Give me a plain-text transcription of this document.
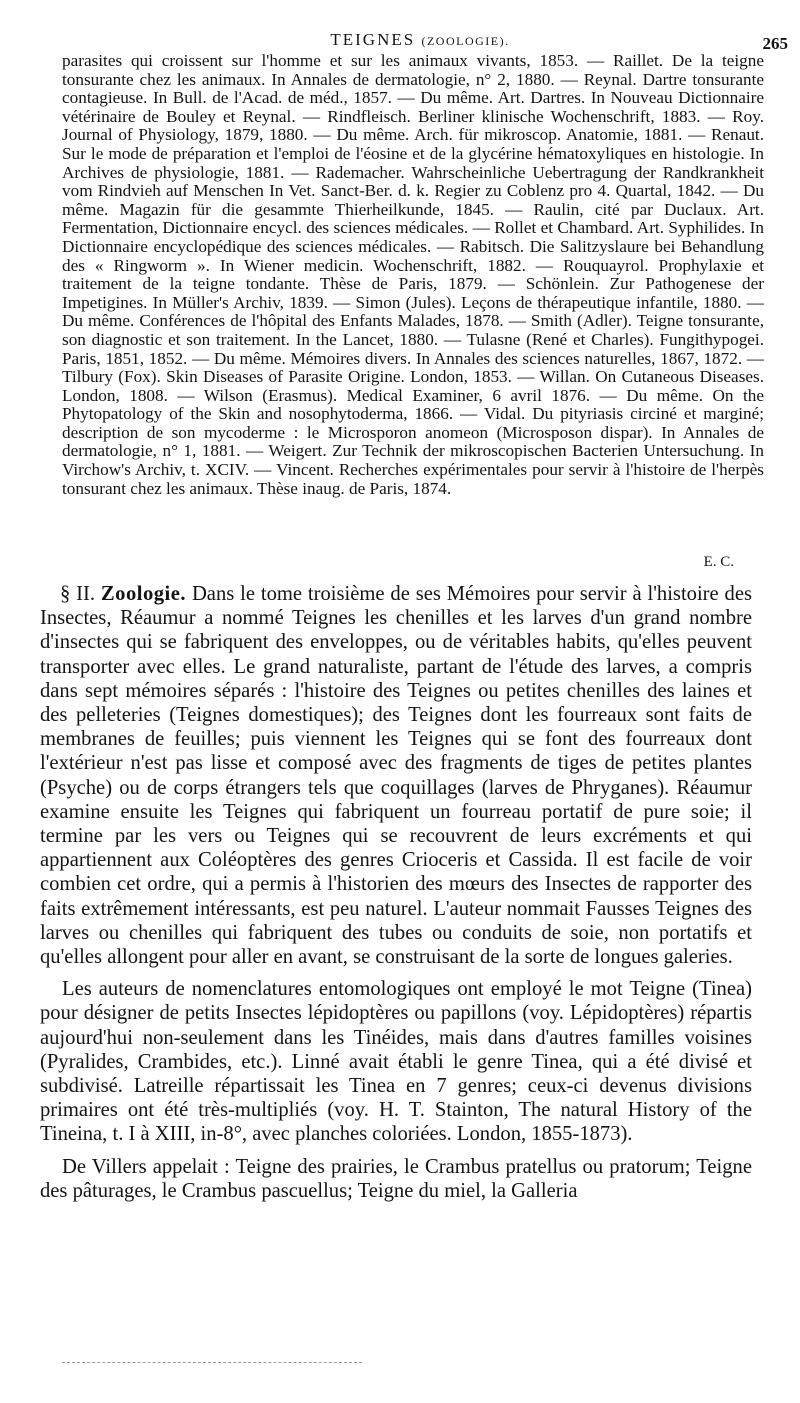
TEIGNES (ZOOLOGIE).	265

parasites qui croissent sur l'homme et sur les animaux vivants, 1853. — Raillet. De la teigne tonsurante chez les animaux. In Annales de dermatologie, n° 2, 1880. — Reynal. Dartre tonsurante contagieuse. In Bull. de l'Acad. de méd., 1857. — Du même. Art. Dartres. In Nouveau Dictionnaire vétérinaire de Bouley et Reynal. — Rindfleisch. Berliner klinische Wochenschrift, 1883. — Roy. Journal of Physiology, 1879, 1880. — Du même. Arch. für mikroscop. Anatomie, 1881. — Renaut. Sur le mode de préparation et l'emploi de l'éosine et de la glycérine hématoxyliques en histologie. In Archives de physiologie, 1881. — Rademacher. Wahrscheinliche Uebertragung der Randkrankheit vom Rindvieh auf Menschen In Vet. Sanct-Ber. d. k. Regier zu Coblenz pro 4. Quartal, 1842. — Du même. Magazin für die gesammte Thierheilkunde, 1845. — Raulin, cité par Duclaux. Art. Fermentation, Dictionnaire encycl. des sciences médicales. — Rollet et Chambard. Art. Syphilides. In Dictionnaire encyclopédique des sciences médicales. — Rabitsch. Die Salitzyslaure bei Behandlung des « Ringworm ». In Wiener medicin. Wochenschrift, 1882. — Rouquayrol. Prophylaxie et traitement de la teigne tondante. Thèse de Paris, 1879. — Schönlein. Zur Pathogenese der Impetigines. In Müller's Archiv, 1839. — Simon (Jules). Leçons de thérapeutique infantile, 1880. — Du même. Conférences de l'hôpital des Enfants Malades, 1878. — Smith (Adler). Teigne tonsurante, son diagnostic et son traitement. In the Lancet, 1880. — Tulasne (René et Charles). Fungithypogei. Paris, 1851, 1852. — Du même. Mémoires divers. In Annales des sciences naturelles, 1867, 1872. — Tilbury (Fox). Skin Diseases of Parasite Origine. London, 1853. — Willan. On Cutaneous Diseases. London, 1808. — Wilson (Erasmus). Medical Examiner, 6 avril 1876. — Du même. On the Phytopatology of the Skin and nosophytoderma, 1866. — Vidal. Du pityriasis circiné et marginé; description de son mycoderme : le Microsporon anomeon (Microsposon dispar). In Annales de dermatologie, n° 1, 1881. — Weigert. Zur Technik der mikroscopischen Bacterien Untersuchung. In Virchow's Archiv, t. XCIV. — Vincent. Recherches expérimentales pour servir à l'histoire de l'herpès tonsurant chez les animaux. Thèse inaug. de Paris, 1874.

E. C.

§ II. Zoologie. Dans le tome troisième de ses Mémoires pour servir à l'histoire des Insectes, Réaumur a nommé Teignes les chenilles et les larves d'un grand nombre d'insectes qui se fabriquent des enveloppes, ou de véritables habits, qu'elles peuvent transporter avec elles. Le grand naturaliste, partant de l'étude des larves, a compris dans sept mémoires séparés : l'histoire des Teignes ou petites chenilles des laines et des pelleteries (Teignes domestiques); des Teignes dont les fourreaux sont faits de membranes de feuilles; puis viennent les Teignes qui se font des fourreaux dont l'extérieur n'est pas lisse et composé avec des fragments de tiges de petites plantes (Psyche) ou de corps étrangers tels que coquillages (larves de Phryganes). Réaumur examine ensuite les Teignes qui fabriquent un fourreau portatif de pure soie; il termine par les vers ou Teignes qui se recouvrent de leurs excréments et qui appartiennent aux Coléoptères des genres Crioceris et Cassida. Il est facile de voir combien cet ordre, qui a permis à l'historien des mœurs des Insectes de rapporter des faits extrêmement intéressants, est peu naturel. L'auteur nommait Fausses Teignes des larves ou chenilles qui fabriquent des tubes ou conduits de soie, non portatifs et qu'elles allongent pour aller en avant, se construisant de la sorte de longues galeries.

Les auteurs de nomenclatures entomologiques ont employé le mot Teigne (Tinea) pour désigner de petits Insectes lépidoptères ou papillons (voy. Lépidoptères) répartis aujourd'hui non-seulement dans les Tinéides, mais dans d'autres familles voisines (Pyralides, Crambides, etc.). Linné avait établi le genre Tinea, qui a été divisé et subdivisé. Latreille répartissait les Tinea en 7 genres; ceux-ci devenus divisions primaires ont été très-multipliés (voy. H. T. Stainton, The natural History of the Tineina, t. I à XIII, in-8°, avec planches coloriées. London, 1855-1873).

De Villers appelait : Teigne des prairies, le Crambus pratellus ou pratorum; Teigne des pâturages, le Crambus pascuellus; Teigne du miel, la Galleria
